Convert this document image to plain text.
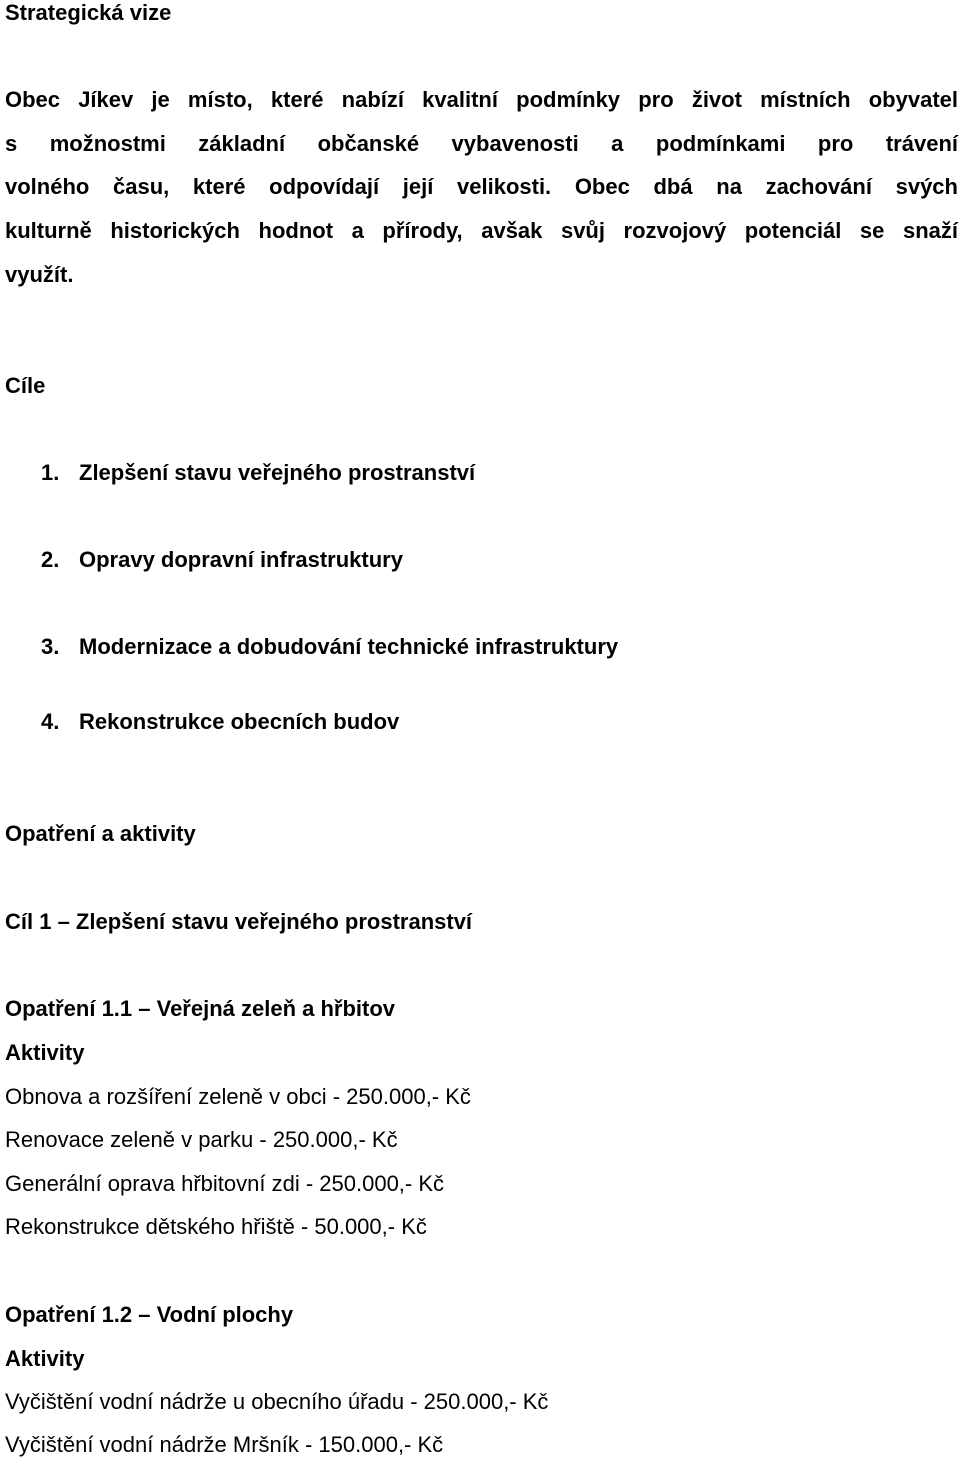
Strategická vize
Obec Jíkev je místo, které nabízí kvalitní podmínky pro život místních obyvatel
s možnostmi základní občanské vybavenosti a podmínkami pro trávení
volného času, které odpovídají její velikosti. Obec dbá na zachování svých
kulturně historických hodnot a přírody, avšak svůj rozvojový potenciál se snaží
využít.
Cíle
1. Zlepšení stavu veřejného prostranství
2. Opravy dopravní infrastruktury
3. Modernizace a dobudování technické infrastruktury
4. Rekonstrukce obecních budov
Opatření a aktivity
Cíl 1 – Zlepšení stavu veřejného prostranství
Opatření 1.1 – Veřejná zeleň a hřbitov
Aktivity
Obnova a rozšíření zeleně v obci - 250.000,- Kč
Renovace zeleně v parku - 250.000,- Kč
Generální oprava hřbitovní zdi - 250.000,- Kč
Rekonstrukce dětského hřiště - 50.000,- Kč
Opatření 1.2 – Vodní plochy
Aktivity
Vyčištění vodní nádrže u obecního úřadu - 250.000,- Kč
Vyčištění vodní nádrže Mršník - 150.000,- Kč
